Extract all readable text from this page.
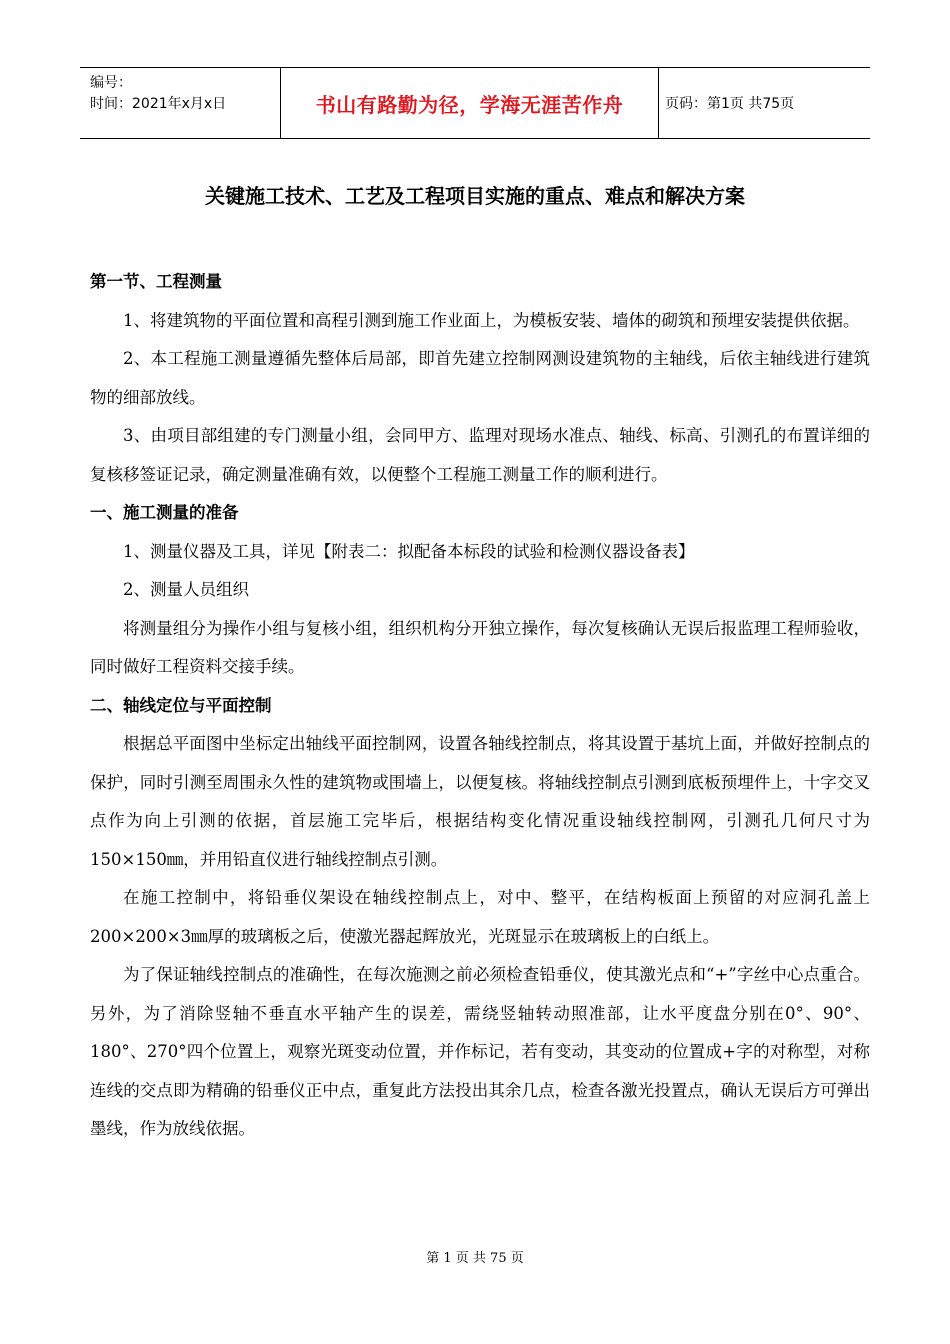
编号：
时间：2021年x月x日	书山有路勤为径，学海无涯苦作舟	页码：第1页 共75页
关键施工技术、工艺及工程项目实施的重点、难点和解决方案

第一节、工程测量

1、将建筑物的平面位置和高程引测到施工作业面上，为模板安装、墙体的砌筑和预埋安装提供依据。

2、本工程施工测量遵循先整体后局部，即首先建立控制网测设建筑物的主轴线，后依主轴线进行建筑物的细部放线。

3、由项目部组建的专门测量小组，会同甲方、监理对现场水准点、轴线、标高、引测孔的布置详细的复核移签证记录，确定测量准确有效，以便整个工程施工测量工作的顺利进行。

一、施工测量的准备

1、测量仪器及工具，详见【附表二：拟配备本标段的试验和检测仪器设备表】

2、测量人员组织

将测量组分为操作小组与复核小组，组织机构分开独立操作，每次复核确认无误后报监理工程师验收，同时做好工程资料交接手续。

二、轴线定位与平面控制

根据总平面图中坐标定出轴线平面控制网，设置各轴线控制点，将其设置于基坑上面，并做好控制点的保护，同时引测至周围永久性的建筑物或围墙上，以便复核。将轴线控制点引测到底板预埋件上，十字交叉点作为向上引测的依据，首层施工完毕后，根据结构变化情况重设轴线控制网，引测孔几何尺寸为150×150㎜，并用铅直仪进行轴线控制点引测。

在施工控制中，将铅垂仪架设在轴线控制点上，对中、整平，在结构板面上预留的对应洞孔盖上200×200×3㎜厚的玻璃板之后，使激光器起辉放光，光斑显示在玻璃板上的白纸上。

为了保证轴线控制点的准确性，在每次施测之前必须检查铅垂仪，使其激光点和“+”字丝中心点重合。另外，为了消除竖轴不垂直水平轴产生的误差，需绕竖轴转动照准部，让水平度盘分别在0°、90°、180°、270°四个位置上，观察光斑变动位置，并作标记，若有变动，其变动的位置成+字的对称型，对称连线的交点即为精确的铅垂仪正中点，重复此方法投出其余几点，检查各激光投置点，确认无误后方可弹出墨线，作为放线依据。

第 1 页 共 75 页
